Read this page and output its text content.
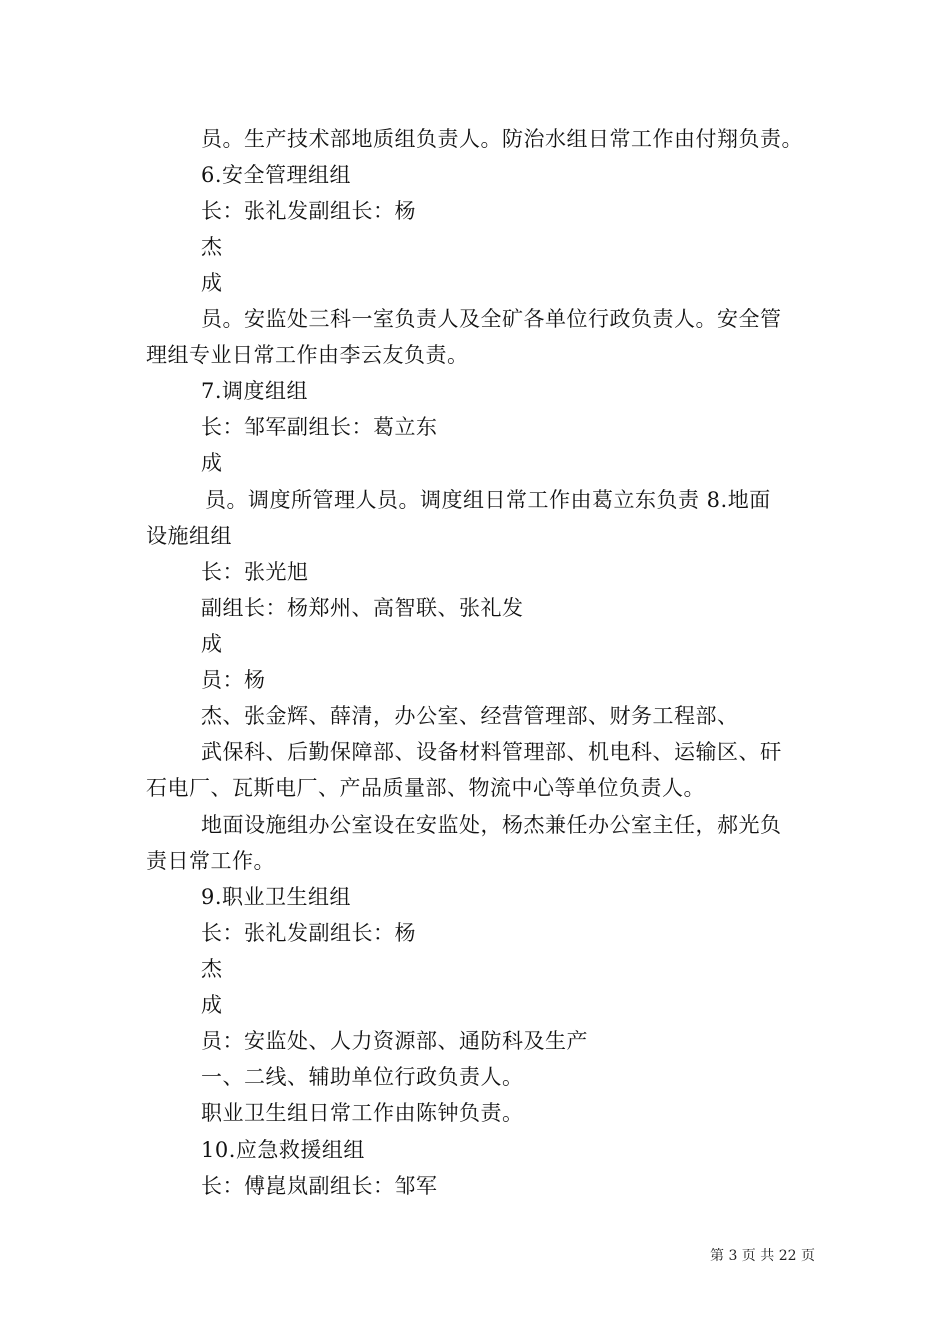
员。生产技术部地质组负责人。防治水组日常工作由付翔负责。
6.安全管理组组
长：张礼发副组长：杨
杰
成
员。安监处三科一室负责人及全矿各单位行政负责人。安全管
理组专业日常工作由李云友负责。
7.调度组组
长：邹军副组长：葛立东
成
员。调度所管理人员。调度组日常工作由葛立东负责 8.地面
设施组组
长：张光旭
副组长：杨郑州、高智联、张礼发
成
员：杨
杰、张金辉、薛清，办公室、经营管理部、财务工程部、
武保科、后勤保障部、设备材料管理部、机电科、运输区、矸
石电厂、瓦斯电厂、产品质量部、物流中心等单位负责人。
地面设施组办公室设在安监处，杨杰兼任办公室主任，郝光负
责日常工作。
9.职业卫生组组
长：张礼发副组长：杨
杰
成
员：安监处、人力资源部、通防科及生产
一、二线、辅助单位行政负责人。
职业卫生组日常工作由陈钟负责。
10.应急救援组组
长：傅崑岚副组长：邹军
第 3 页 共 22 页
